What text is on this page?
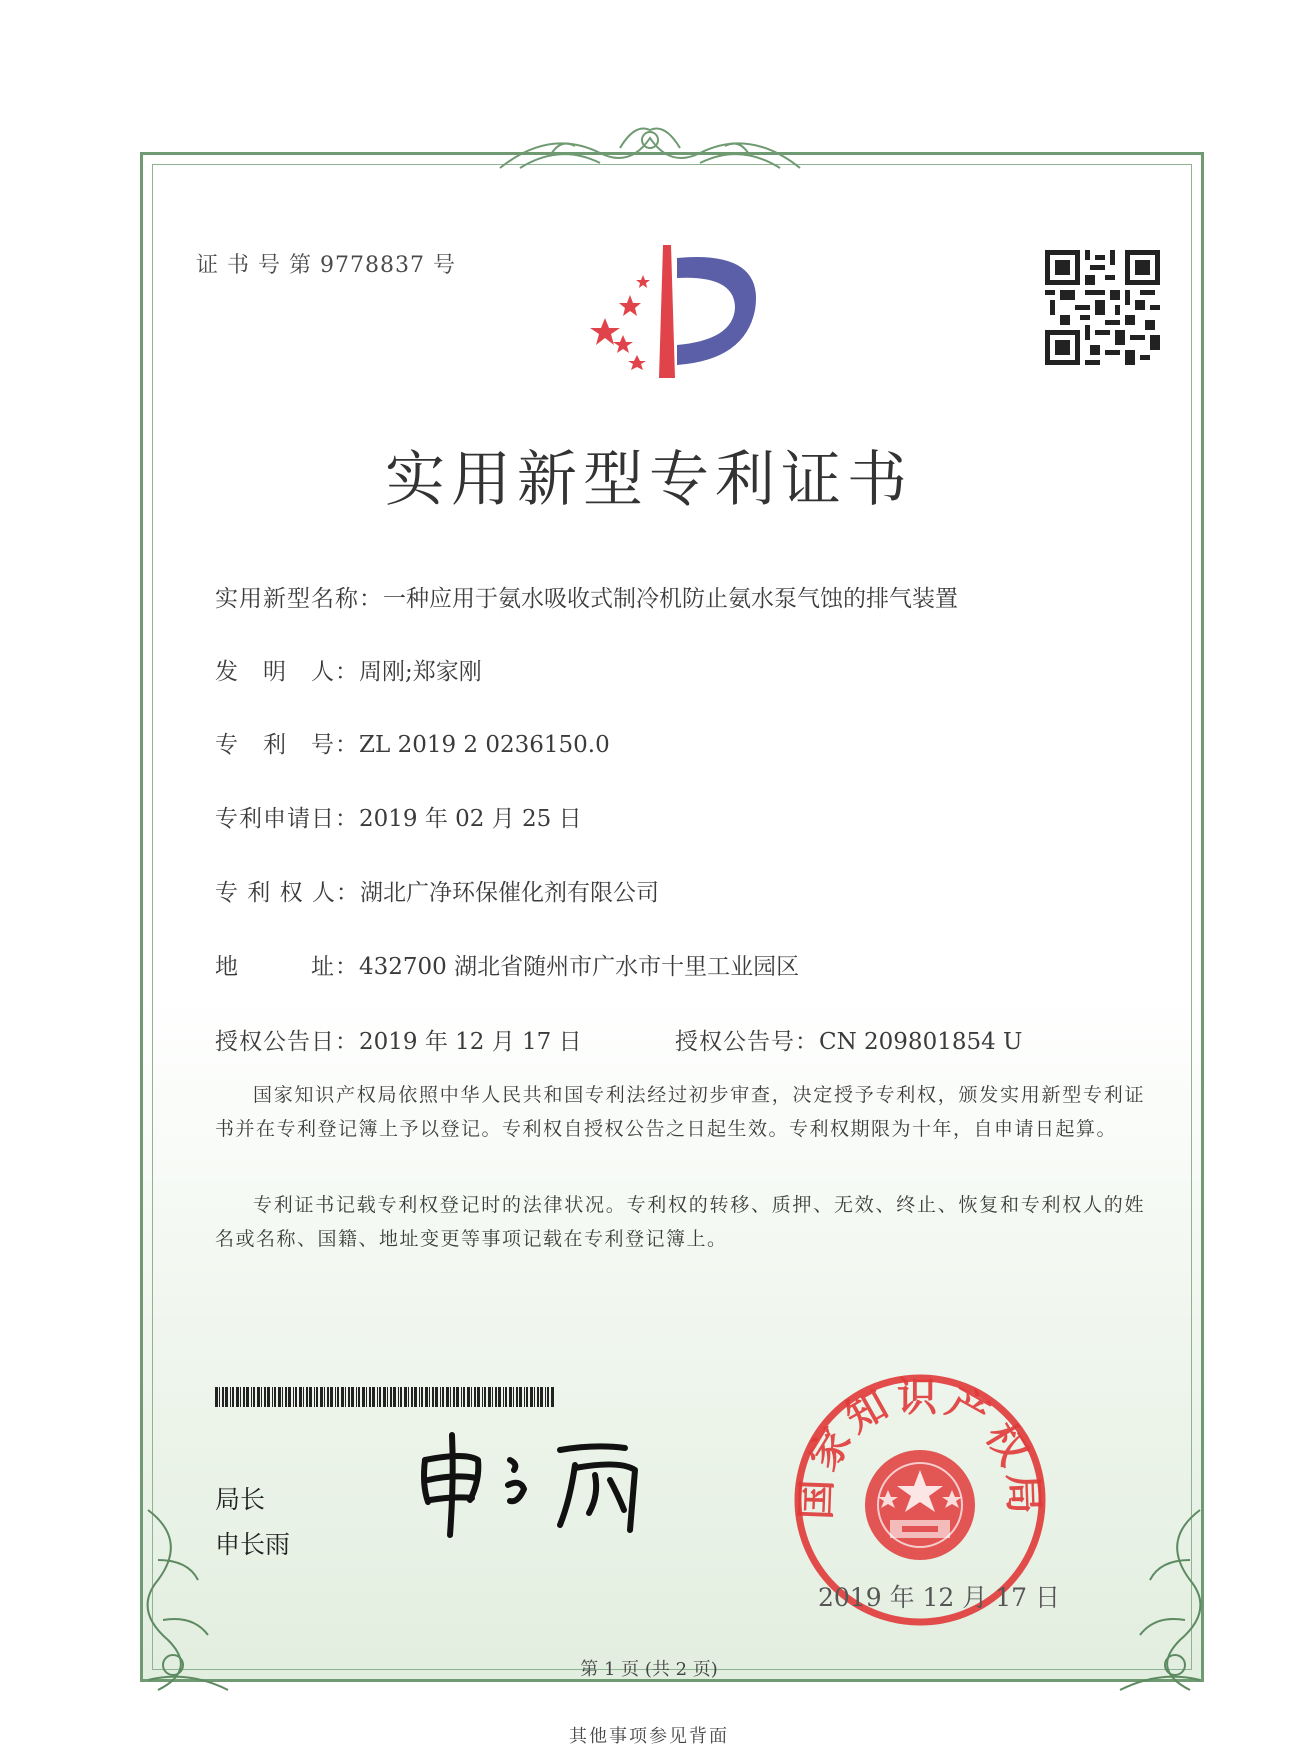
证 书 号 第 9778837 号
实用新型专利证书
实用新型名称：一种应用于氨水吸收式制冷机防止氨水泵气蚀的排气装置
发　明　人：周刚;郑家刚
专　利　号：ZL 2019 2 0236150.0
专利申请日：2019 年 02 月 25 日
专 利 权 人：湖北广净环保催化剂有限公司
地　　　址：432700 湖北省随州市广水市十里工业园区
授权公告日：2019 年 12 月 17 日	授权公告号：CN 209801854 U
国家知识产权局依照中华人民共和国专利法经过初步审查，决定授予专利权，颁发实用新型专利证书并在专利登记簿上予以登记。专利权自授权公告之日起生效。专利权期限为十年，自申请日起算。
专利证书记载专利权登记时的法律状况。专利权的转移、质押、无效、终止、恢复和专利权人的姓名或名称、国籍、地址变更等事项记载在专利登记簿上。
局长
申长雨
国家知识产权局
2019 年 12 月 17 日
第 1 页 (共 2 页)
其他事项参见背面
